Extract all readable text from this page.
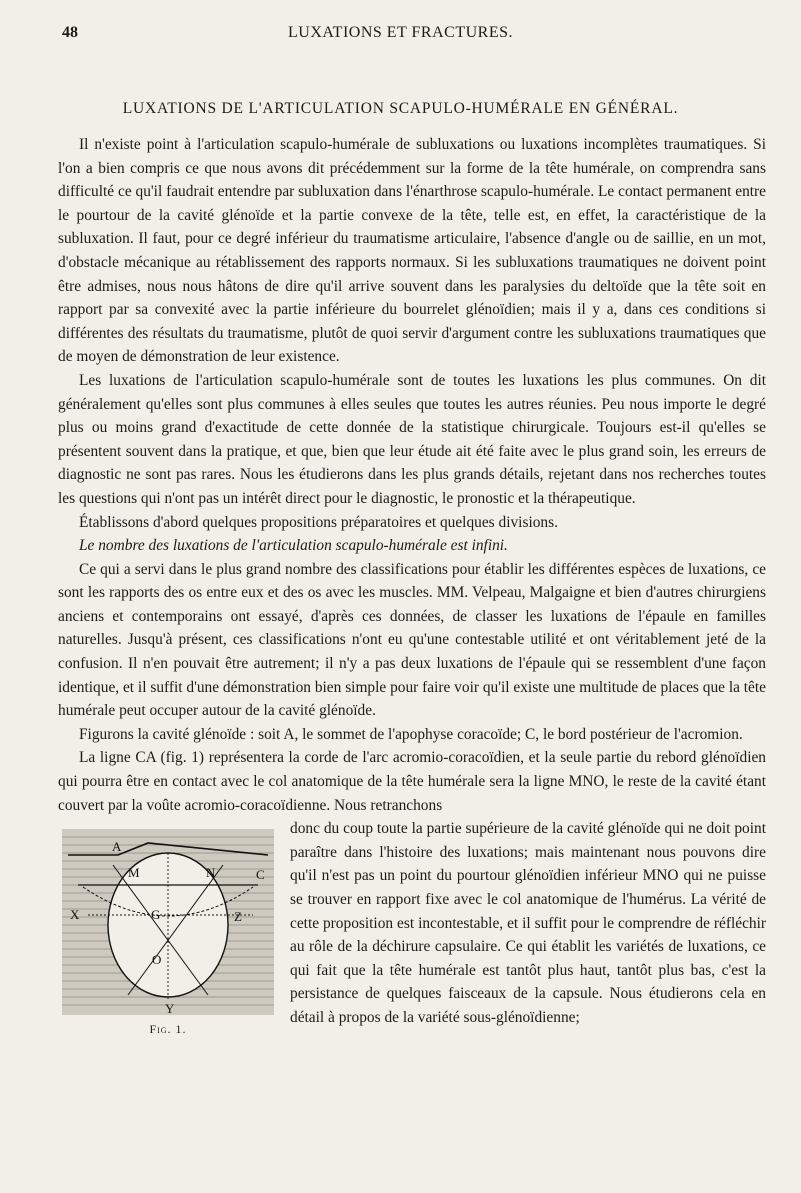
48	LUXATIONS ET FRACTURES.
LUXATIONS DE L'ARTICULATION SCAPULO-HUMÉRALE EN GÉNÉRAL.

Il n'existe point à l'articulation scapulo-humérale de subluxations ou luxations incomplètes traumatiques. Si l'on a bien compris ce que nous avons dit précédemment sur la forme de la tête humérale, on comprendra sans difficulté ce qu'il faudrait entendre par subluxation dans l'énarthrose scapulo-humérale. Le contact permanent entre le pourtour de la cavité glénoïde et la partie convexe de la tête, telle est, en effet, la caractéristique de la subluxation. Il faut, pour ce degré inférieur du traumatisme articulaire, l'absence d'angle ou de saillie, en un mot, d'obstacle mécanique au rétablissement des rapports normaux. Si les subluxations traumatiques ne doivent point être admises, nous nous hâtons de dire qu'il arrive souvent dans les paralysies du deltoïde que la tête soit en rapport par sa convexité avec la partie inférieure du bourrelet glénoïdien; mais il y a, dans ces conditions si différentes des résultats du traumatisme, plutôt de quoi servir d'argument contre les subluxations traumatiques que de moyen de démonstration de leur existence.

Les luxations de l'articulation scapulo-humérale sont de toutes les luxations les plus communes. On dit généralement qu'elles sont plus communes à elles seules que toutes les autres réunies. Peu nous importe le degré plus ou moins grand d'exactitude de cette donnée de la statistique chirurgicale. Toujours est-il qu'elles se présentent souvent dans la pratique, et que, bien que leur étude ait été faite avec le plus grand soin, les erreurs de diagnostic ne sont pas rares. Nous les étudierons dans les plus grands détails, rejetant dans nos recherches toutes les questions qui n'ont pas un intérêt direct pour le diagnostic, le pronostic et la thérapeutique.

Établissons d'abord quelques propositions préparatoires et quelques divisions.

Le nombre des luxations de l'articulation scapulo-humérale est infini.

Ce qui a servi dans le plus grand nombre des classifications pour établir les différentes espèces de luxations, ce sont les rapports des os entre eux et des os avec les muscles. MM. Velpeau, Malgaigne et bien d'autres chirurgiens anciens et contemporains ont essayé, d'après ces données, de classer les luxations de l'épaule en familles naturelles. Jusqu'à présent, ces classifications n'ont eu qu'une contestable utilité et ont véritablement jeté de la confusion. Il n'en pouvait être autrement; il n'y a pas deux luxations de l'épaule qui se ressemblent d'une façon identique, et il suffit d'une démonstration bien simple pour faire voir qu'il existe une multitude de places que la tête humérale peut occuper autour de la cavité glénoïde.

Figurons la cavité glénoïde : soit A, le sommet de l'apophyse coracoïde; C, le bord postérieur de l'acromion.

La ligne CA (fig. 1) représentera la corde de l'arc acromio-coracoïdien, et la seule partie du rebord glénoïdien qui pourra être en contact avec le col anatomique de la tête humérale sera la ligne MNO, le reste de la cavité étant couvert par la voûte acromio-coracoïdienne. Nous retranchons

A
C
M	N
X	G	Z
O
Y
Fig. 1.

donc du coup toute la partie supérieure de la cavité glénoïde qui ne doit point paraître dans l'histoire des luxations; mais maintenant nous pouvons dire qu'il n'est pas un point du pourtour glénoïdien inférieur MNO qui ne puisse se trouver en rapport fixe avec le col anatomique de l'humérus. La vérité de cette proposition est incontestable, et il suffit pour le comprendre de réfléchir au rôle de la déchirure capsulaire. Ce qui établit les variétés de luxations, ce qui fait que la tête humérale est tantôt plus haut, tantôt plus bas, c'est la persistance de quelques faisceaux de la capsule. Nous étudierons cela en détail à propos de la variété sous-glénoïdienne;
